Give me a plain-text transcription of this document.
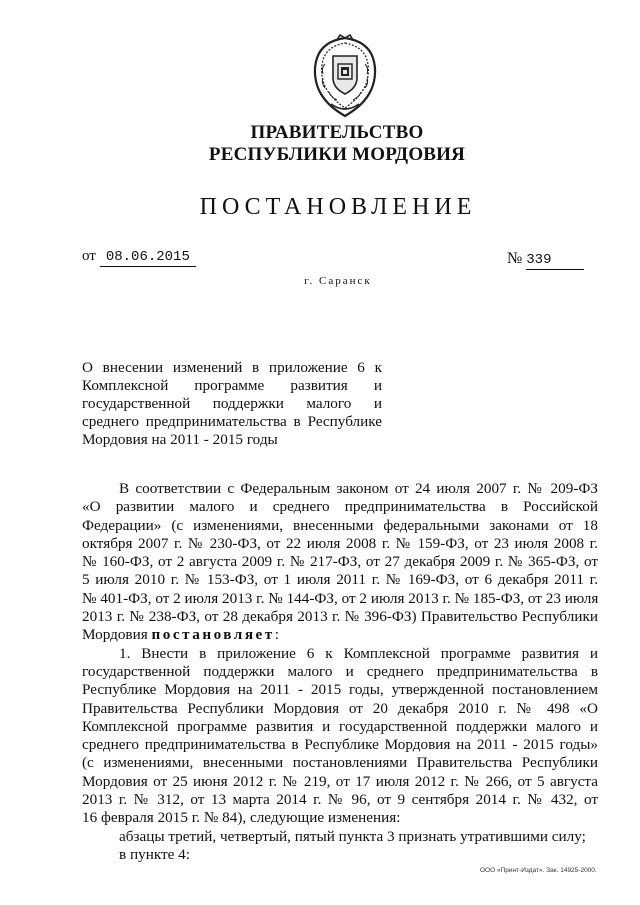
ПРАВИТЕЛЬСТВО
РЕСПУБЛИКИ МОРДОВИЯ
ПОСТАНОВЛЕНИЕ
от 08.06.2015	№ 339
г. Саранск
О внесении изменений в приложение 6 к
Комплексной программе развития и
государственной поддержки малого и
среднего предпринимательства в Республике
Мордовия на 2011 - 2015 годы
В соответствии с Федеральным законом от 24 июля 2007 г. № 209-ФЗ
«О развитии малого и среднего предпринимательства в Российской
Федерации» (с изменениями, внесенными федеральными законами от 18
октября 2007 г. № 230-ФЗ, от 22 июля 2008 г. № 159-ФЗ, от 23 июля 2008 г.
№ 160-ФЗ, от 2 августа 2009 г. № 217-ФЗ, от 27 декабря 2009 г. № 365-ФЗ, от
5 июля 2010 г. № 153-ФЗ, от 1 июля 2011 г. № 169-ФЗ, от 6 декабря 2011 г.
№ 401-ФЗ, от 2 июля 2013 г. № 144-ФЗ, от 2 июля 2013 г. № 185-ФЗ, от 23 июля
2013 г. № 238-ФЗ, от 28 декабря 2013 г. № 396-ФЗ) Правительство Республики
Мордовия постановляет:
1. Внести в приложение 6 к Комплексной программе развития и
государственной поддержки малого и среднего предпринимательства в
Республике Мордовия на 2011 - 2015 годы, утвержденной постановлением
Правительства Республики Мордовия от 20 декабря 2010 г. № 498 «О
Комплексной программе развития и государственной поддержки малого и
среднего предпринимательства в Республике Мордовия на 2011 - 2015 годы»
(с изменениями, внесенными постановлениями Правительства Республики
Мордовия от 25 июня 2012 г. № 219, от 17 июля 2012 г. № 266, от 5 августа
2013 г. № 312, от 13 марта 2014 г. № 96, от 9 сентября 2014 г. № 432, от
16 февраля 2015 г. № 84), следующие изменения:
абзацы третий, четвертый, пятый пункта 3 признать утратившими силу;
в пункте 4:
ООО «Принт-Издат». Зак. 14925-2000.
